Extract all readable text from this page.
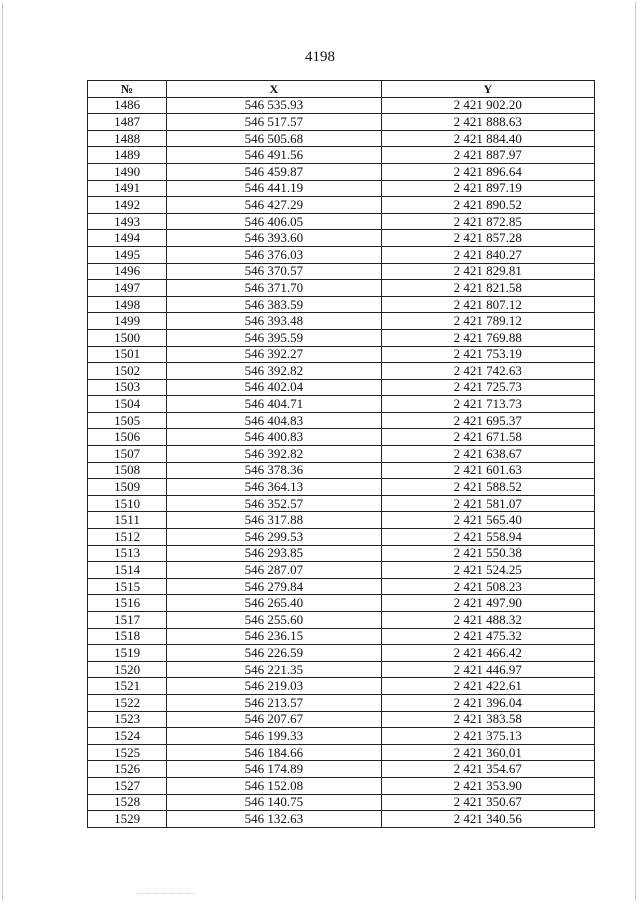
4198
№	X	Y
1486	546 535.93	2 421 902.20
1487	546 517.57	2 421 888.63
1488	546 505.68	2 421 884.40
1489	546 491.56	2 421 887.97
1490	546 459.87	2 421 896.64
1491	546 441.19	2 421 897.19
1492	546 427.29	2 421 890.52
1493	546 406.05	2 421 872.85
1494	546 393.60	2 421 857.28
1495	546 376.03	2 421 840.27
1496	546 370.57	2 421 829.81
1497	546 371.70	2 421 821.58
1498	546 383.59	2 421 807.12
1499	546 393.48	2 421 789.12
1500	546 395.59	2 421 769.88
1501	546 392.27	2 421 753.19
1502	546 392.82	2 421 742.63
1503	546 402.04	2 421 725.73
1504	546 404.71	2 421 713.73
1505	546 404.83	2 421 695.37
1506	546 400.83	2 421 671.58
1507	546 392.82	2 421 638.67
1508	546 378.36	2 421 601.63
1509	546 364.13	2 421 588.52
1510	546 352.57	2 421 581.07
1511	546 317.88	2 421 565.40
1512	546 299.53	2 421 558.94
1513	546 293.85	2 421 550.38
1514	546 287.07	2 421 524.25
1515	546 279.84	2 421 508.23
1516	546 265.40	2 421 497.90
1517	546 255.60	2 421 488.32
1518	546 236.15	2 421 475.32
1519	546 226.59	2 421 466.42
1520	546 221.35	2 421 446.97
1521	546 219.03	2 421 422.61
1522	546 213.57	2 421 396.04
1523	546 207.67	2 421 383.58
1524	546 199.33	2 421 375.13
1525	546 184.66	2 421 360.01
1526	546 174.89	2 421 354.67
1527	546 152.08	2 421 353.90
1528	546 140.75	2 421 350.67
1529	546 132.63	2 421 340.56
